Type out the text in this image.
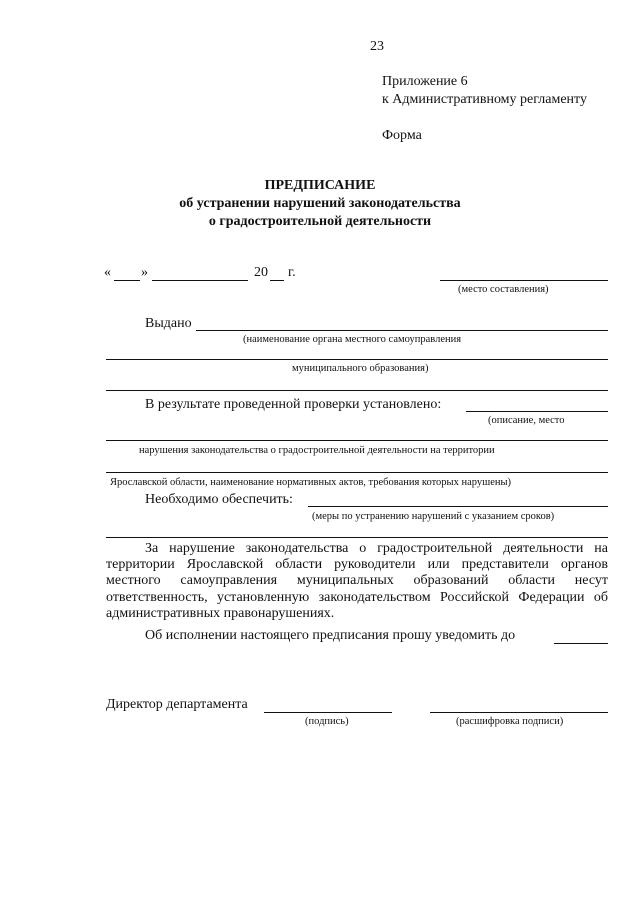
23
Приложение 6
к Административному регламенту
Форма
ПРЕДПИСАНИЕ
об устранении нарушений законодательства
о градостроительной деятельности
« »	20 г.
(место составления)
Выдано
(наименование органа местного самоуправления
муниципального образования)
В результате проведенной проверки установлено:
(описание, место
нарушения законодательства о градостроительной деятельности на территории
Ярославской области, наименование нормативных актов, требования которых нарушены)
Необходимо обеспечить:
(меры по устранению нарушений с указанием сроков)
За нарушение законодательства о градостроительной деятельности на территории Ярославской области руководители или представители органов местного самоуправления муниципальных образований области несут ответственность, установленную законодательством Российской Федерации об административных правонарушениях.
Об исполнении настоящего предписания прошу уведомить до
Директор департамента
(подпись)	(расшифровка подписи)
